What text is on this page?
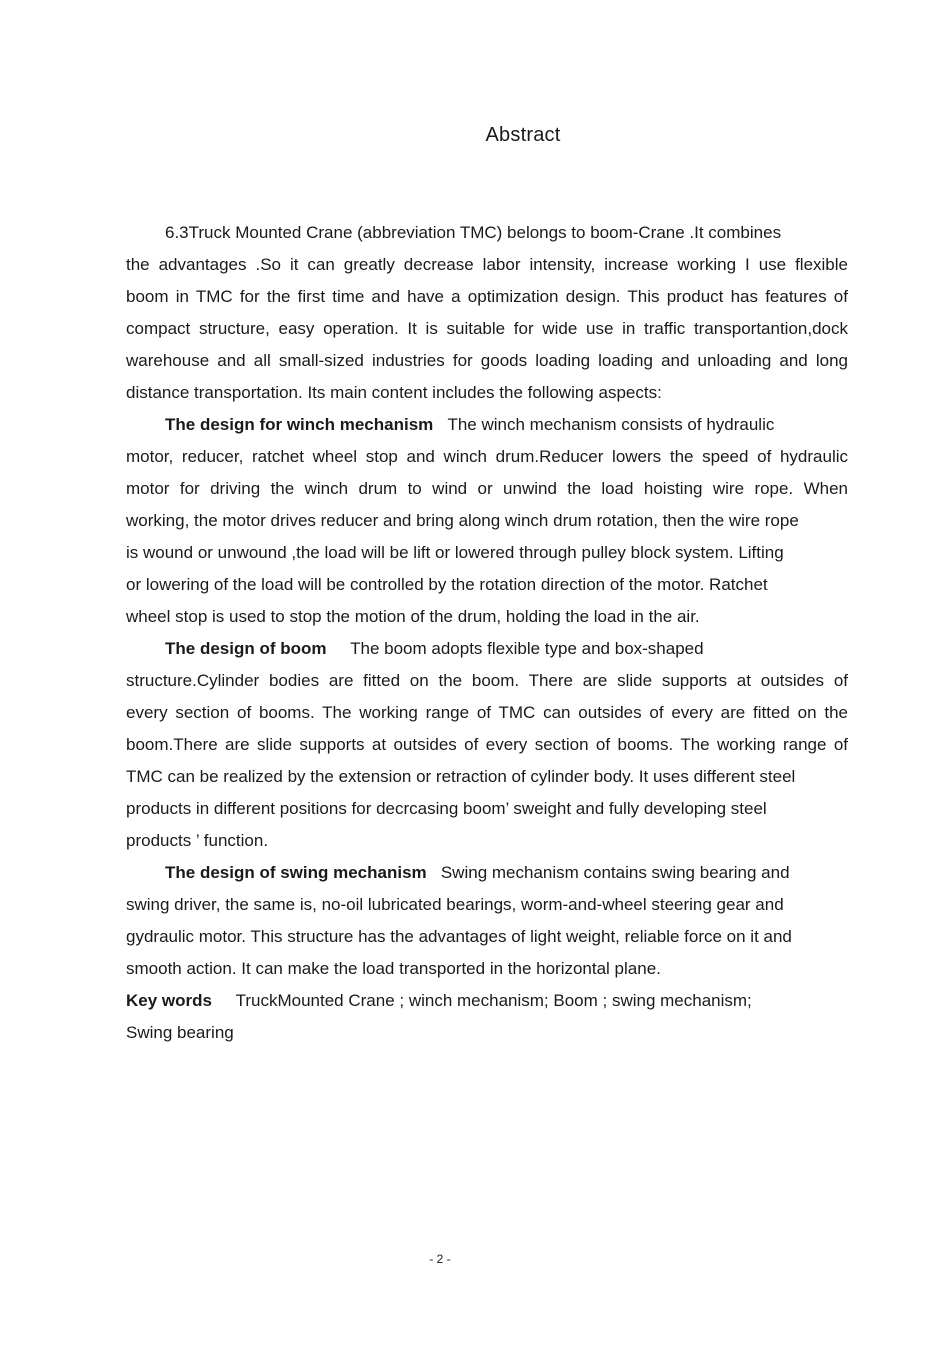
Abstract
6.3Truck Mounted Crane (abbreviation TMC) belongs to boom-Crane .It combines
the advantages .So it can greatly decrease labor intensity, increase working I use flexible
boom in TMC for the first time and have a optimization design. This product has features of
compact structure, easy operation. It is suitable for wide use in traffic transportantion,dock
warehouse and all small-sized industries for goods loading loading and unloading and long
distance transportation. Its main content includes the following aspects:
The design for winch mechanism The winch mechanism consists of hydraulic
motor, reducer, ratchet wheel stop and winch drum.Reducer lowers the speed of hydraulic
motor for driving the winch drum to wind or unwind the load hoisting wire rope. When
working, the motor drives reducer and bring along winch drum rotation, then the wire rope
is wound or unwound ,the load will be lift or lowered through pulley block system. Lifting
or lowering of the load will be controlled by the rotation direction of the motor. Ratchet
wheel stop is used to stop the motion of the drum, holding the load in the air.
The design of boom The boom adopts flexible type and box-shaped
structure.Cylinder bodies are fitted on the boom. There are slide supports at outsides of
every section of booms. The working range of TMC can outsides of every are fitted on the
boom.There are slide supports at outsides of every section of booms. The working range of
TMC can be realized by the extension or retraction of cylinder body. It uses different steel
products in different positions for decrcasing boom’ sweight and fully developing steel
products ’ function.
The design of swing mechanism Swing mechanism contains swing bearing and
swing driver, the same is, no-oil lubricated bearings, worm-and-wheel steering gear and
gydraulic motor. This structure has the advantages of light weight, reliable force on it and
smooth action. It can make the load transported in the horizontal plane.
Key words TruckMounted Crane ; winch mechanism; Boom ; swing mechanism;
Swing bearing
- 2 -
